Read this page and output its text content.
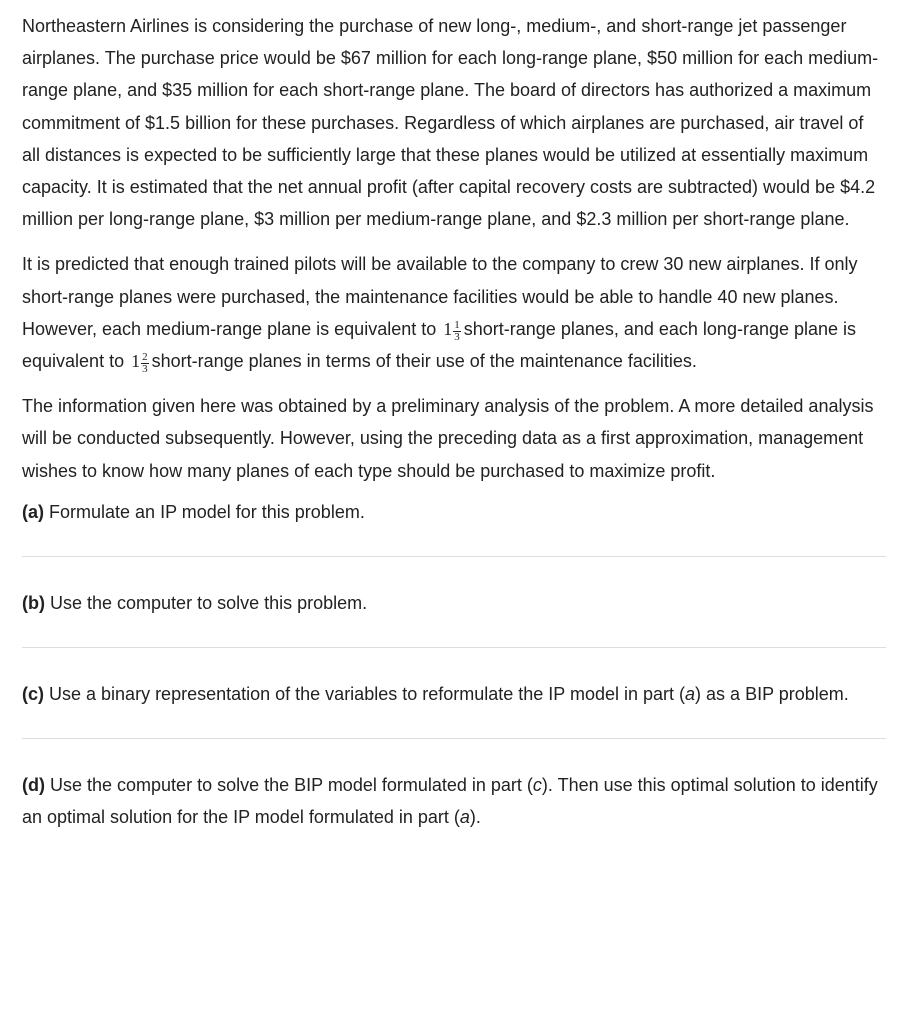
Northeastern Airlines is considering the purchase of new long-, medium-, and short-range jet passenger airplanes. The purchase price would be $67 million for each long-range plane, $50 million for each medium-range plane, and $35 million for each short-range plane. The board of directors has authorized a maximum commitment of $1.5 billion for these purchases. Regardless of which airplanes are purchased, air travel of all distances is expected to be sufficiently large that these planes would be utilized at essentially maximum capacity. It is estimated that the net annual profit (after capital recovery costs are subtracted) would be $4.2 million per long-range plane, $3 million per medium-range plane, and $2.3 million per short-range plane.

It is predicted that enough trained pilots will be available to the company to crew 30 new airplanes. If only short-range planes were purchased, the maintenance facilities would be able to handle 40 new planes. However, each medium-range plane is equivalent to $1 \frac{1}{3}$ short-range planes, and each long-range plane is equivalent to $1 \frac{2}{3}$ short-range planes in terms of their use of the maintenance facilities.

The information given here was obtained by a preliminary analysis of the problem. A more detailed analysis will be conducted subsequently. However, using the preceding data as a first approximation, management wishes to know how many planes of each type should be purchased to maximize profit.

(a) Formulate an IP model for this problem.

(b) Use the computer to solve this problem.

(c) Use a binary representation of the variables to reformulate the IP model in part (a) as a BIP problem.

(d) Use the computer to solve the BIP model formulated in part (c). Then use this optimal solution to identify an optimal solution for the IP model formulated in part (a).
